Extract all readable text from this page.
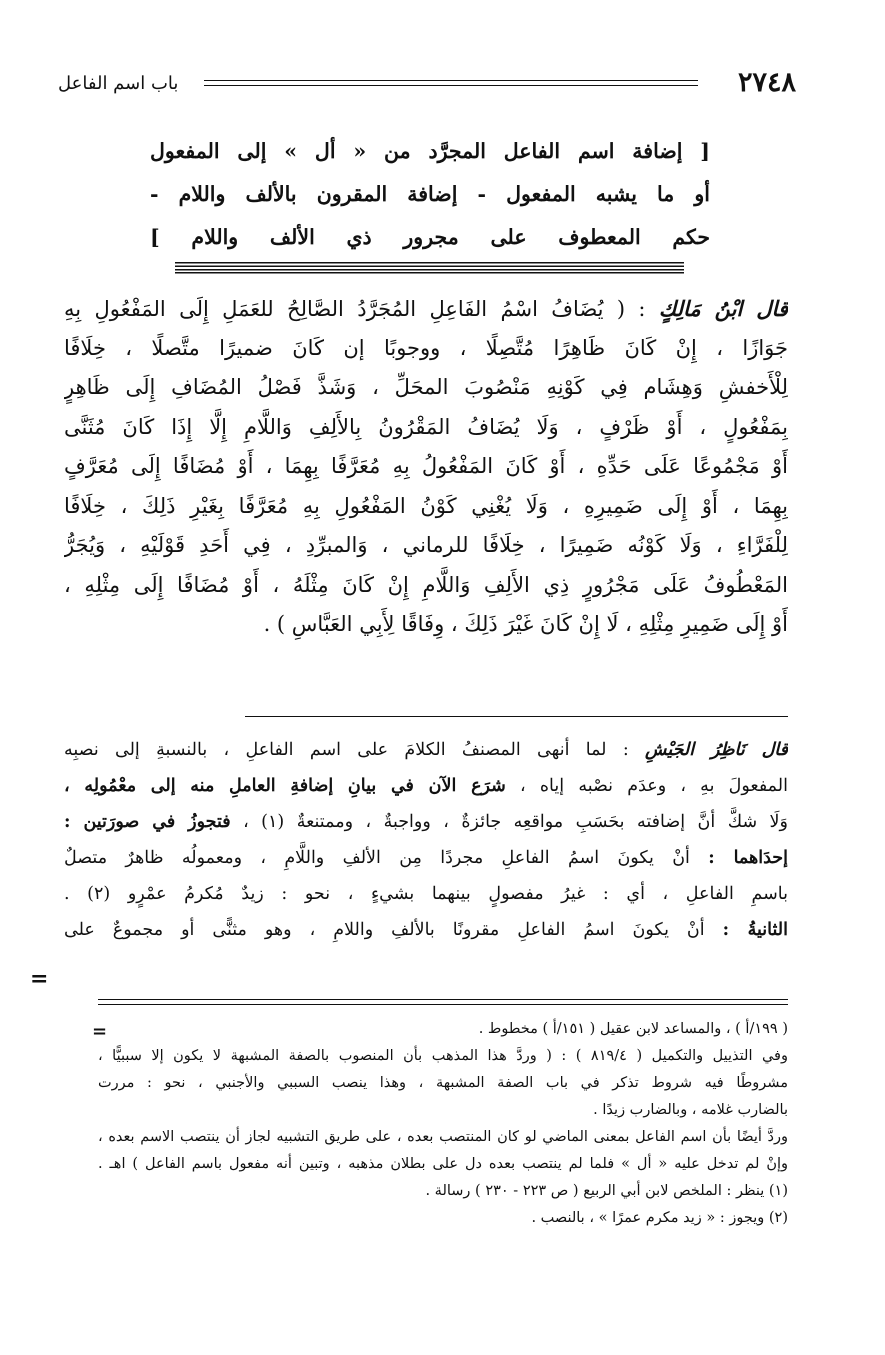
٢٧٤٨
باب اسم الفاعل
[ إضافة اسم الفاعل المجرَّد من « أل » إلى المفعول
أو ما يشبه المفعول - إضافة المقرون بالألف واللام -
حكم المعطوف على مجرور ذي الألف واللام ]
قال ابْنُ مَالِكٍ : ( يُضَافُ اسْمُ الفَاعِلِ المُجَرَّدُ الصَّالِحُ للعَمَلِ إِلَى المَفْعُولِ بِهِ
جَوَازًا ، إِنْ كَانَ ظَاهِرًا مُتَّصِلًا ، ووجوبًا إن كَانَ ضميرًا متَّصلًا ، خِلَافًا
لِلْأَخفشِ وَهِشَام فِي كَوْنِهِ مَنْصُوبَ المحَلِّ ، وَشَذَّ فَصْلُ المُضَافِ إِلَى ظَاهِرٍ
بِمَفْعُولٍ ، أَوْ ظَرْفٍ ، وَلَا يُضَافُ المَقْرُونُ بِالأَلِفِ وَاللَّامِ إِلَّا إِذَا كَانَ مُثَنَّى
أَوْ مَجْمُوعًا عَلَى حَدِّهِ ، أَوْ كَانَ المَفْعُولُ بِهِ مُعَرَّفًا بِهِمَا ، أَوْ مُضَافًا إِلَى مُعَرَّفٍ
بِهِمَا ، أَوْ إِلَى ضَمِيرِهِ ، وَلَا يُغْنِي كَوْنُ المَفْعُولِ بِهِ مُعَرَّفًا بِغَيْرِ ذَلِكَ ، خِلَافًا
لِلْفَرَّاءِ ، وَلَا كَوْنُه ضَمِيرًا ، خِلَافًا للرماني ، وَالمبرِّدِ ، فِي أَحَدِ قَوْلَيْهِ ، وَيُجَرُّ
المَعْطُوفُ عَلَى مَجْرُورٍ ذِي الأَلِفِ وَاللَّامِ إِنْ كَانَ مِثْلَهُ ، أَوْ مُضَافًا إِلَى مِثْلِهِ ،
أَوْ إِلَى ضَمِيرِ مِثْلِهِ ، لَا إِنْ كَانَ غَيْرَ ذَلِكَ ، وِفَاقًا لِأَبِي العَبَّاسِ ) .
قال نَاظِرُ الجَيْشِ : لما أنهى المصنفُ الكلامَ على اسم الفاعلِ ، بالنسبةِ إلى نصبِه
المفعولَ بهِ ، وعدَم نصْبه إياه ، شرَع الآن في بيانِ إضافةِ العاملِ منه إلى معْمُولِه ،
وَلَا شكَّ أنَّ إضافته بحَسَبِ مواقعِه جائزةٌ ، وواجبةٌ ، وممتنعةٌ (١) ، فتجوزُ في صورَتين :
إحدَاهما : أنْ يكونَ اسمُ الفاعلِ مجردًا مِن الألفِ واللَّامِ ، ومعمولُه ظاهرٌ متصلٌ
باسمِ الفاعلِ ، أي : غيرُ مفصولٍ بينهما بشيءٍ ، نحو : زيدٌ مُكرمُ عمْرٍو (٢) .
الثانيةُ : أنْ يكونَ اسمُ الفاعلِ مقرونًا بالألفِ واللامِ ، وهو مثنًّى أو مجموعٌ على
=
=	( ١٩٩/أ ) ، والمساعد لابن عقيل ( ١٥١/أ ) مخطوط .
وفي التذييل والتكميل ( ٨١٩/٤ ) : ( وردَّ هذا المذهب بأن المنصوب بالصفة المشبهة لا يكون إلا سببيًّا ،
مشروطًا فيه شروط تذكر في باب الصفة المشبهة ، وهذا ينصب السببي والأجنبي ، نحو : مررت
بالضارب غلامه ، وبالضارب زيدًا .
وردَّ أيضًا بأن اسم الفاعل بمعنى الماضي لو كان المنتصب بعده ، على طريق التشبيه لجاز أن ينتصب الاسم بعده ،
وإنْ لم تدخل عليه « أل » فلما لم ينتصب بعده دل على بطلان مذهبه ، وتبين أنه مفعول باسم الفاعل ) اهـ .
(١) ينظر : الملخص لابن أبي الربيع ( ص ٢٢٣ - ٢٣٠ ) رسالة .
(٢) ويجوز : « زيد مكرم عمرًا » ، بالنصب .
